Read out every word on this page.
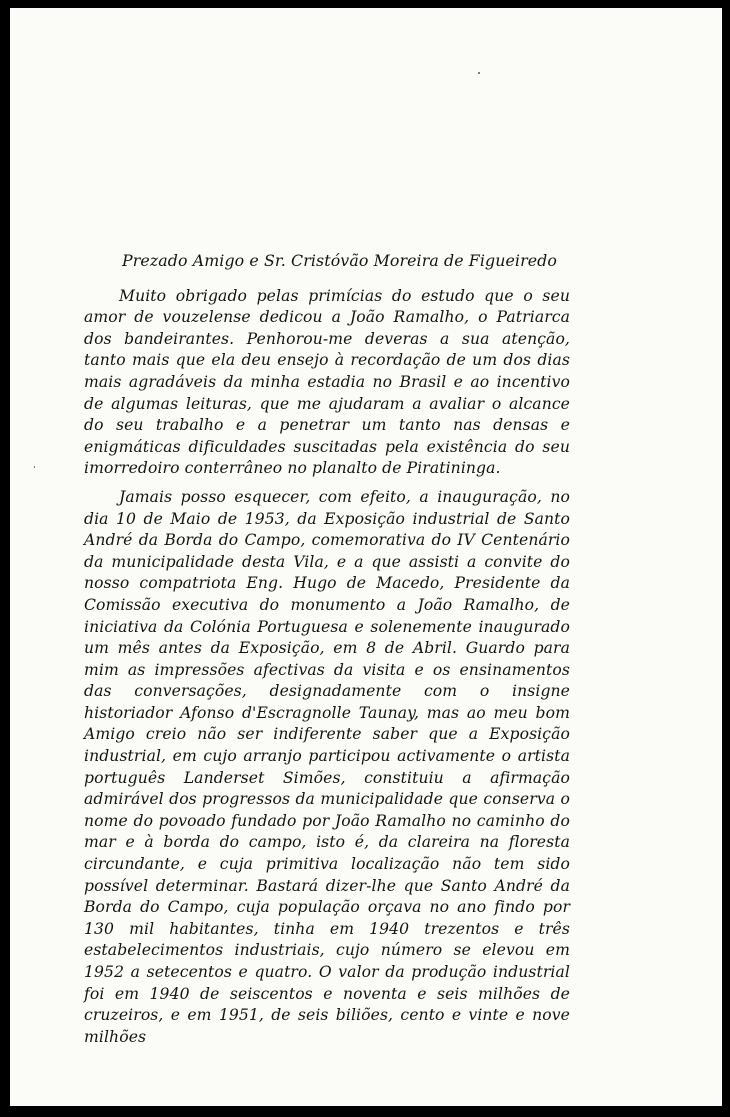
Prezado Amigo e Sr. Cristóvão Moreira de Figueiredo

Muito obrigado pelas primícias do estudo que o seu amor de vouzelense dedicou a João Ramalho, o Patriarca dos bandeirantes. Penhorou-me deveras a sua atenção, tanto mais que ela deu ensejo à recordação de um dos dias mais agradáveis da minha estadia no Brasil e ao incentivo de algumas leituras, que me ajudaram a avaliar o alcance do seu trabalho e a penetrar um tanto nas densas e enigmáticas dificuldades suscitadas pela existência do seu imorredoiro conterrâneo no planalto de Piratininga.

Jamais posso esquecer, com efeito, a inauguração, no dia 10 de Maio de 1953, da Exposição industrial de Santo André da Borda do Campo, comemorativa do IV Centenário da municipalidade desta Vila, e a que assisti a convite do nosso compatriota Eng. Hugo de Macedo, Presidente da Comissão executiva do monumento a João Ramalho, de iniciativa da Colónia Portuguesa e solenemente inaugurado um mês antes da Exposição, em 8 de Abril. Guardo para mim as impressões afectivas da visita e os ensinamentos das conversações, designadamente com o insigne historiador Afonso d'Escragnolle Taunay, mas ao meu bom Amigo creio não ser indiferente saber que a Exposição industrial, em cujo arranjo participou activamente o artista português Landerset Simões, constituiu a afirmação admirável dos progressos da municipalidade que conserva o nome do povoado fundado por João Ramalho no caminho do mar e à borda do campo, isto é, da clareira na floresta circundante, e cuja primitiva localização não tem sido possível determinar. Bastará dizer-lhe que Santo André da Borda do Campo, cuja população orçava no ano findo por 130 mil habitantes, tinha em 1940 trezentos e três estabelecimentos industriais, cujo número se elevou em 1952 a setecentos e quatro. O valor da produção industrial foi em 1940 de seiscentos e noventa e seis milhões de cruzeiros, e em 1951, de seis biliões, cento e vinte e nove milhões
